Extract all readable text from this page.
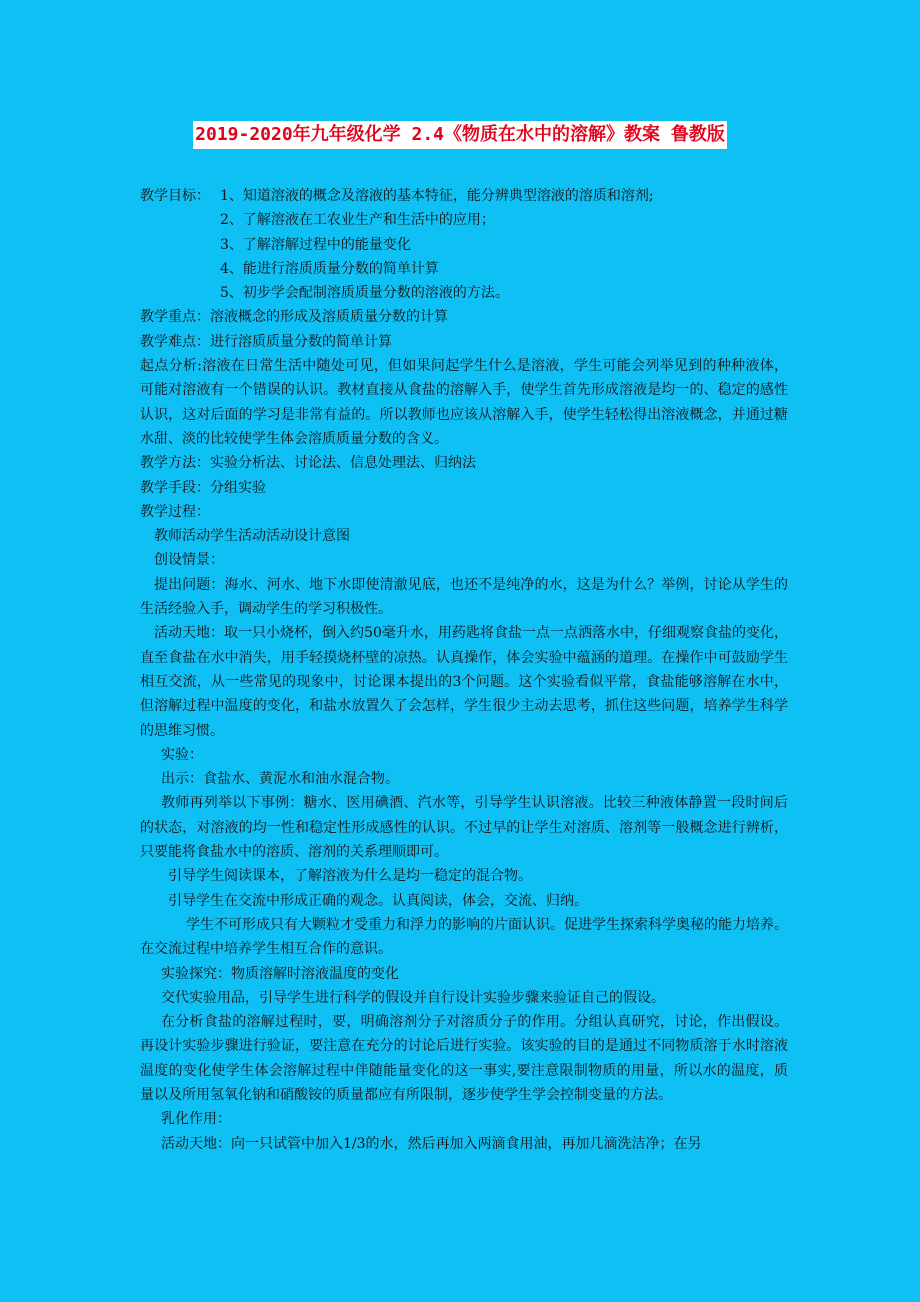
2019-2020年九年级化学 2.4《物质在水中的溶解》教案 鲁教版
教学目标： 1、知道溶液的概念及溶液的基本特征，能分辨典型溶液的溶质和溶剂;
2、了解溶液在工农业生产和生活中的应用；
3、了解溶解过程中的能量变化
4、能进行溶质质量分数的简单计算
5、初步学会配制溶质质量分数的溶液的方法。

教学重点：溶液概念的形成及溶质质量分数的计算

教学难点：进行溶质质量分数的简单计算

起点分析:溶液在日常生活中随处可见，但如果问起学生什么是溶液，学生可能会列举见到的种种液体，可能对溶液有一个错误的认识。教材直接从食盐的溶解入手，使学生首先形成溶液是均一的、稳定的感性认识，这对后面的学习是非常有益的。所以教师也应该从溶解入手，使学生轻松得出溶液概念，并通过糖水甜、淡的比较使学生体会溶质质量分数的含义。

教学方法：实验分析法、讨论法、信息处理法、归纳法

教学手段：分组实验

教学过程：

教师活动学生活动活动设计意图

创设情景：

提出问题：海水、河水、地下水即使清澈见底，也还不是纯净的水，这是为什么？举例，讨论从学生的生活经验入手，调动学生的学习积极性。

活动天地：取一只小烧杯，倒入约50毫升水，用药匙将食盐一点一点洒落水中，仔细观察食盐的变化，直至食盐在水中消失，用手轻摸烧杯壁的凉热。认真操作，体会实验中蕴涵的道理。在操作中可鼓励学生相互交流，从一些常见的现象中，讨论课本提出的3个问题。这个实验看似平常，食盐能够溶解在水中，但溶解过程中温度的变化，和盐水放置久了会怎样，学生很少主动去思考，抓住这些问题，培养学生科学的思维习惯。

实验：

出示：食盐水、黄泥水和油水混合物。

教师再列举以下事例：糖水、医用碘酒、汽水等，引导学生认识溶液。比较三种液体静置一段时间后的状态，对溶液的均一性和稳定性形成感性的认识。不过早的让学生对溶质、溶剂等一般概念进行辨析，只要能将食盐水中的溶质、溶剂的关系理顺即可。

引导学生阅读课本，了解溶液为什么是均一稳定的混合物。

引导学生在交流中形成正确的观念。认真阅读，体会，交流、归纳。

学生不可形成只有大颗粒才受重力和浮力的影响的片面认识。促进学生探索科学奥秘的能力培养。在交流过程中培养学生相互合作的意识。

实验探究：物质溶解时溶液温度的变化

交代实验用品，引导学生进行科学的假设并自行设计实验步骤来验证自己的假设。

在分析食盐的溶解过程时，要，明确溶剂分子对溶质分子的作用。分组认真研究，讨论，作出假设。再设计实验步骤进行验证，要注意在充分的讨论后进行实验。该实验的目的是通过不同物质溶于水时溶液温度的变化使学生体会溶解过程中伴随能量变化的这一事实,要注意限制物质的用量，所以水的温度，质量以及所用氢氧化钠和硝酸铵的质量都应有所限制，逐步使学生学会控制变量的方法。

乳化作用：

活动天地：向一只试管中加入1/3的水，然后再加入两滴食用油，再加几滴洗洁净；在另
